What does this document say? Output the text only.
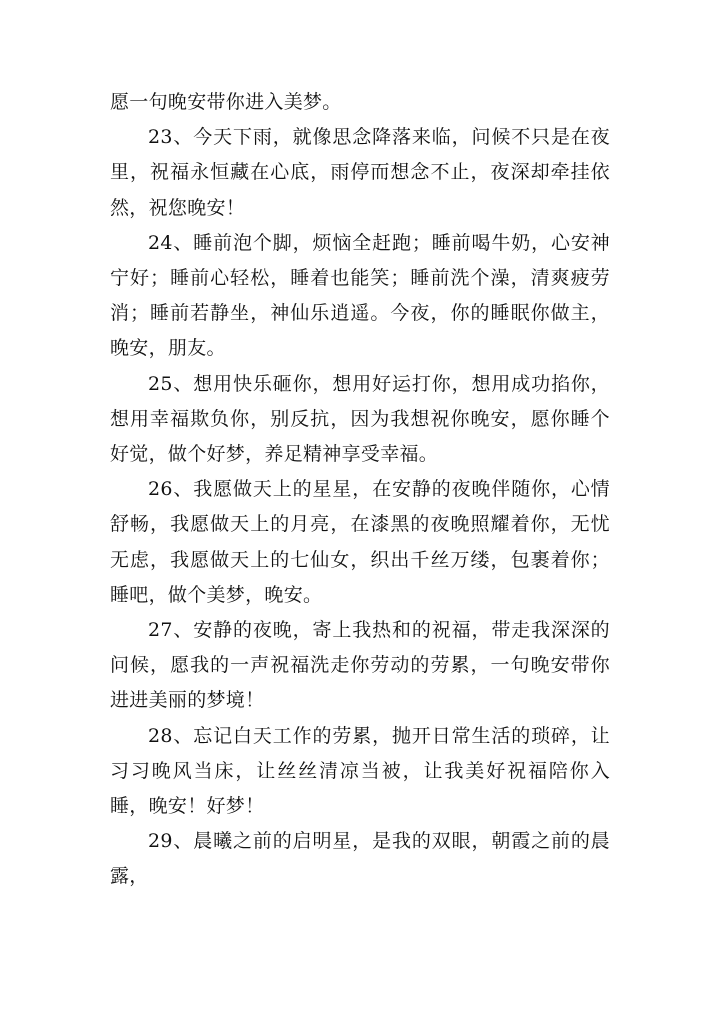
愿一句晚安带你进入美梦。

23、今天下雨，就像思念降落来临，问候不只是在夜里，祝福永恒藏在心底，雨停而想念不止，夜深却牵挂依然，祝您晚安！

24、睡前泡个脚，烦恼全赶跑；睡前喝牛奶，心安神宁好；睡前心轻松，睡着也能笑；睡前洗个澡，清爽疲劳消；睡前若静坐，神仙乐逍遥。今夜，你的睡眠你做主，晚安，朋友。

25、想用快乐砸你，想用好运打你，想用成功掐你，想用幸福欺负你，别反抗，因为我想祝你晚安，愿你睡个好觉，做个好梦，养足精神享受幸福。

26、我愿做天上的星星，在安静的夜晚伴随你，心情舒畅，我愿做天上的月亮，在漆黑的夜晚照耀着你，无忧无虑，我愿做天上的七仙女，织出千丝万缕，包裹着你；睡吧，做个美梦，晚安。

27、安静的夜晚，寄上我热和的祝福，带走我深深的问候，愿我的一声祝福洗走你劳动的劳累，一句晚安带你进进美丽的梦境！

28、忘记白天工作的劳累，抛开日常生活的琐碎，让习习晚风当床，让丝丝清凉当被，让我美好祝福陪你入睡，晚安！好梦！

29、晨曦之前的启明星，是我的双眼，朝霞之前的晨露，
